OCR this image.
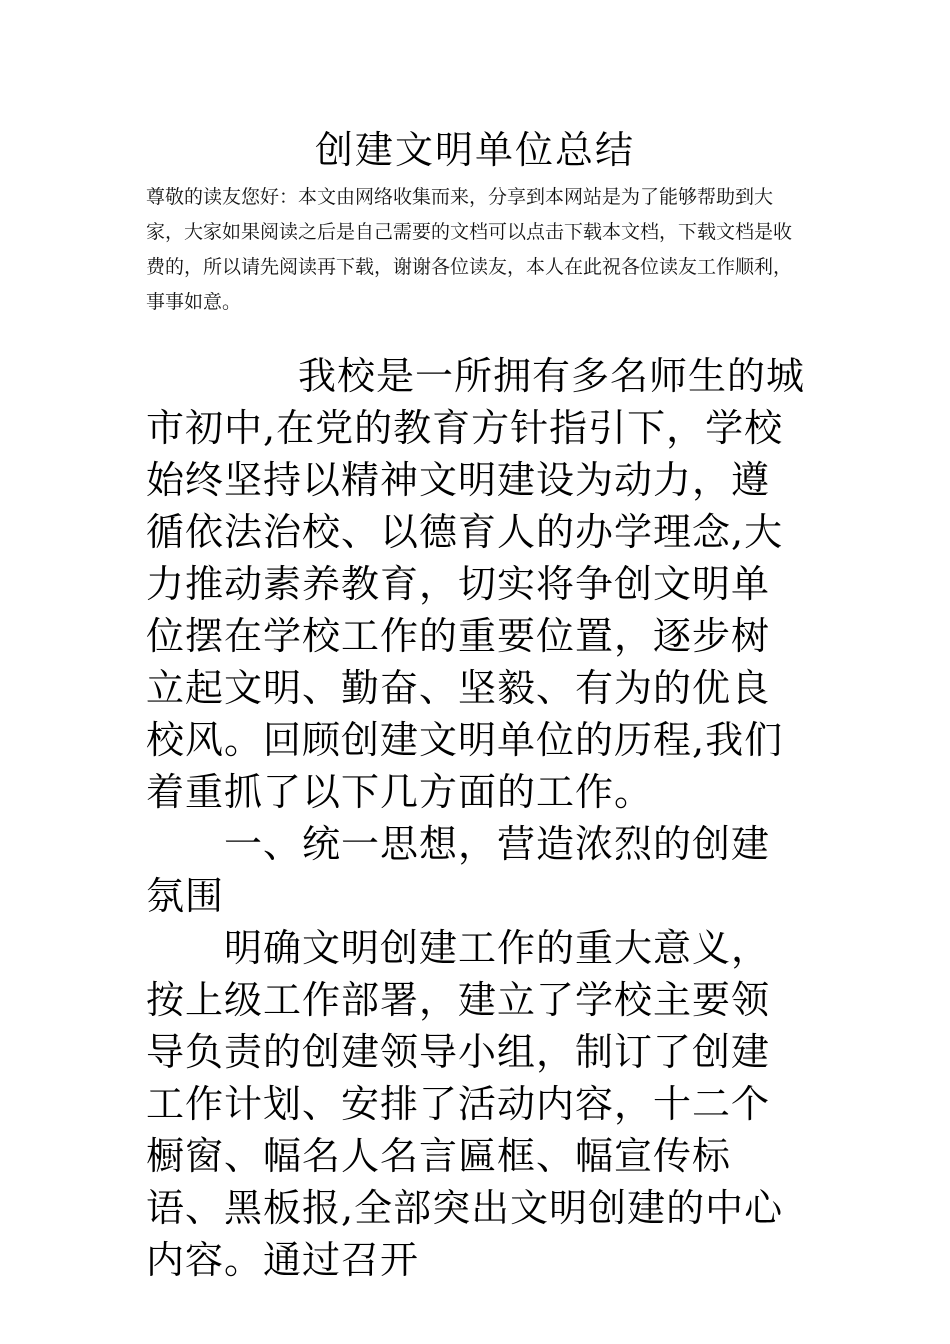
创建文明单位总结

尊敬的读友您好：本文由网络收集而来，分享到本网站是为了能够帮助到大家，大家如果阅读之后是自己需要的文档可以点击下载本文档，下载文档是收费的，所以请先阅读再下载，谢谢各位读友，本人在此祝各位读友工作顺利，事事如意。

我校是一所拥有多名师生的城市初中,在党的教育方针指引下，学校始终坚持以精神文明建设为动力，遵循依法治校、以德育人的办学理念,大力推动素养教育，切实将争创文明单位摆在学校工作的重要位置，逐步树立起文明、勤奋、坚毅、有为的优良校风。回顾创建文明单位的历程,我们着重抓了以下几方面的工作。

一、统一思想，营造浓烈的创建氛围

明确文明创建工作的重大意义，按上级工作部署，建立了学校主要领导负责的创建领导小组，制订了创建工作计划、安排了活动内容，十二个橱窗、幅名人名言匾框、幅宣传标语、黑板报,全部突出文明创建的中心内容。通过召开
